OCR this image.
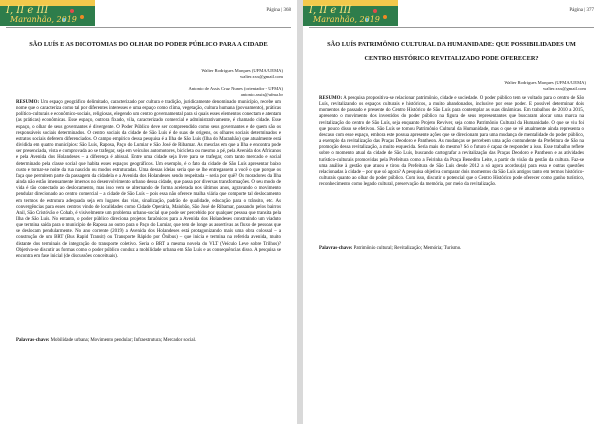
I, II e III
Maranhão, 2019
Página | 368
SÃO LUÍS E AS DICOTOMIAS DO OLHAR DO PODER PÚBLICO PARA A CIDADE
Walter Rodrigues Marques (UFMA/UEMA)
walter.xxx@gmail.com
Antonio de Assis Cruz Nunes (orientador - UFMA)
antonio.assis@ufma.br
RESUMO: Um espaço geográfico delimitado, caracterizado por cultura e tradição, juridicamente denominado município, recebe um nome que o caracteriza como tal por diferentes interesses e uma espaço como clima, vegetação, cultura humana (povoamento), práticas político-culturais e econômico-sociais, religiosas, elegendo um centro governamental para si quais esses elementos conectam e atentam (as práticas) econômicas. Esse espaço, outrora fixado, vila, caracterizado comercial e administrativamente, é chamado cidade. Esse espaço, o olhar de seus governantes é divergente. O Poder Público deve ser compreendido como seus governantes e de quem são os responsáveis sociais determinados. O centro sociais da cidade de São Luís é de suas de origens, os olhares sociais determinados e estratos sociais deferem diferenciados. O campo empírico dessa pesquisa é a Ilha de São Luís (Ilha do Maranhão) que atualmente está dividida em quatro municípios: São Luís, Raposa, Paço do Lumiar e São José de Ribamar. As mesclas em que a Ilha e encontra pode ser presenciada, vista e comprovada ao se trafegar, seja em veículos automotores, bicicleta ou mesmo a pé, pela Avenida dos Africanos e pela Avenida dos Holandeses – a diferença é abissal. Entre uma cidade seja livre para se trafegar, com tanto mercado e social determinado pela classe social que habita esses espaços geográficos. Um exemplo, é o fato da cidade de São Luís apresentar baixo custo e tornar-se noite da rua nascido ou modos estruturadas. Uma dessas ideias seria que se lhe entregassem a você o que porque os faça que permitem parte da passagem da cidadela e a Avenida dos Holandeses sendo respeitada – seria por quê? Os moradores da Ilha ainda não estão imensamente imersos no desenvolvimento urbano dessa cidade, que passa por diversas transformações. O seu modo de vida é tão conectado ao deslocamento, mas isso vem se alternando de forma acelerada nos últimos anos, agravando o movimento pendular direcionado ao centro comercial – a cidade de São Luís – pois essa não oferece malha viária que comporte tal deslocamento em termos de estrutura adequada seja em lugares das vias, sinalização, padrão de qualidade, educação para o trânsito, etc. As convergências para esses centros vindo de localidades como Cidade Operária, Maiobão, São José de Ribamar, passando pelos bairros Anil, São Cristóvão e Cohab, é visivelmente um problema urbano-social que pode ser percebido por qualquer pessoa que transita pela Ilha de São Luís. No entanto, o poder público direciona projetos faraônicos para a Avenida dos Holandeses construindo um viaduto que termina saída para o município de Raposa ao outro para o Paço do Lumiar, que tem de longe as assertivas as fluxo de pessoas que se deslocam pendularmente. No ano corrente (2019) a Avenida dos Holandeses está protagonizando mais uma obra colossal – a construção de um BRT (Bus Rapid Transit) ou Transporte Rápido por Ônibus) – que inicia e termina na referida avenida, muito distante dos terminais de integração do transporte coletivo. Seria o BRT a mesma novela do VLT (Veículo Leve sobre Trilhos)? Objetiva-se discutir as formas como o poder público conduz a mobilidade urbana em São Luís e as consequências disso. A pesquisa se encontra em fase inicial (de discussões conceituais).
Palavras-chave: Mobilidade urbana; Movimento pendular; Infraestrutura; Mercador social.
I, II e III
Maranhão, 2019
Página | 377
SÃO LUÍS PATRIMÔNIO CULTURAL DA HUMANIDADE: QUE POSSIBILIDADES UM CENTRO HISTÓRICO REVITALIZADO PODE OFERECER?
Walter Rodrigues Marques (UFMA/UEMA)
walter.xxx@gmail.com
RESUMO: A pesquisa propositiva-se relacionar patrimônio, cidade e sociedade. O poder público tem se voltado para o centro de São Luís, revitalizando os espaços culturais e históricos, a muito abandonados, inclusive por esse poder. E possível determinar dois momentos de passado e presente do Centro Histórico de São Luís para contemplar as suas dinâmicas. Em trabalhos de 2010 a 2015, apresento o movimento dos investidos do poder público na figura de seus representantes que buscaram alocar uma marca na revitalização do centro de São Luís, seja enquanto Projeto Reviver, seja como Patrimônio Cultural da Humanidade. O que se viu foi que pouco disso se efetivou. São Luís se tornou Patrimônio Cultural da Humanidade, mas o que se vê atualmente ainda representa o descaso com esse espaço, embora este possua apresente ações que se direcionam para uma mudança de mentalidade do poder público, a exemplo da revitalização das Praças Deodoro e Pantheon. As mudanças se percebem uma ação contundente da Prefeitura de São na promoção dessa revitalização, a muito esquecida. Seria mais do mesmo? Só o futuro é capaz de responder a isso. Esse trabalho reflete sobre o momento atual da cidade de São Luís, buscando cartografar a revitalização das Praças Deodoro e Pantheon e as atividades turístico-culturais promovidas pela Prefeitura como a Feirinha da Praça Benedito Leite, a partir do visão da gestão da cultura. Faz-se uma análise à gestão que atuou e tirou da Prefeitura de São Luís desde 2012 a só agora acordou(a) para essa e outras questões relacionadas à cidade – por que só agora? A pesquisa objetiva comparar dois momentos da São Luís antigos tanto em termos histórico-culturais quanto ao olhar do poder público. Com isso, discutir o potencial que o Centro Histórico pode oferecer como ganho turístico, reconhecimento como legado cultural, preservação da memória, por meio da revitalização.
Palavras-chave: Patrimônio cultural; Revitalização; Memória; Turismo.
